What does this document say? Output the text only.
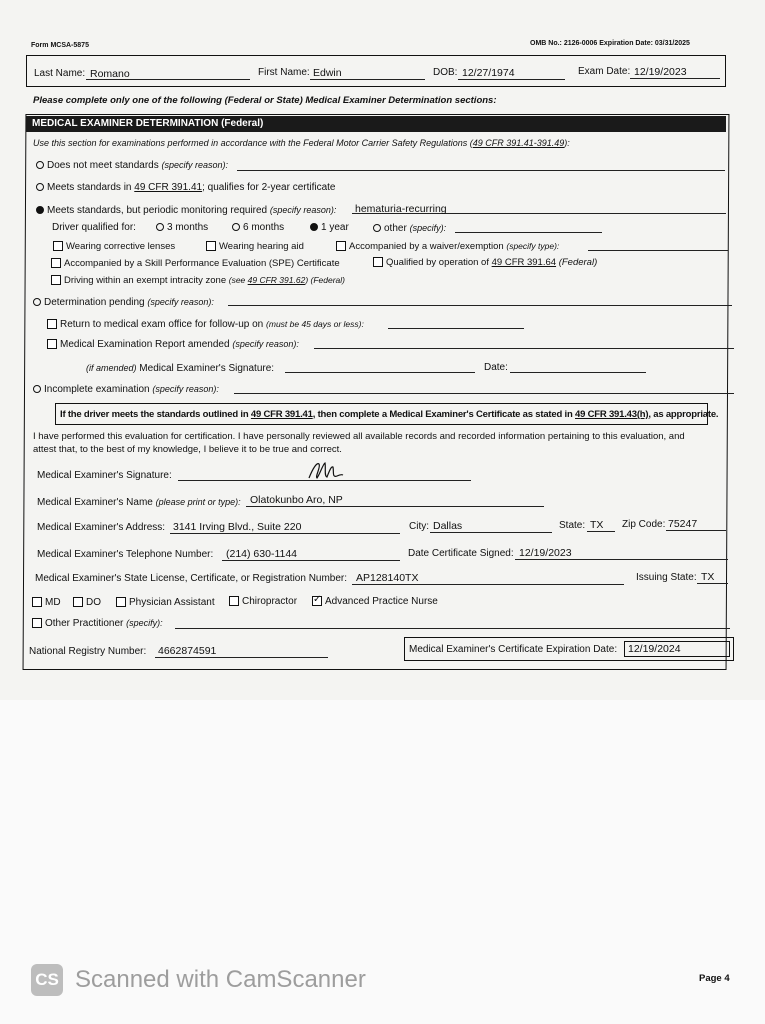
Form MCSA-5875	OMB No.: 2126-0006 Expiration Date: 03/31/2025
Last Name: Romano	First Name: Edwin	DOB: 12/27/1974	Exam Date: 12/19/2023
Please complete only one of the following (Federal or State) Medical Examiner Determination sections:
MEDICAL EXAMINER DETERMINATION (Federal)
Use this section for examinations performed in accordance with the Federal Motor Carrier Safety Regulations (49 CFR 391.41-391.49):
Does not meet standards (specify reason):
Meets standards in 49 CFR 391.41; qualifies for 2-year certificate
Meets standards, but periodic monitoring required (specify reason): hematuria-recurring
Driver qualified for:	3 months	6 months	1 year	other (specify):
Wearing corrective lenses	Wearing hearing aid	Accompanied by a waiver/exemption (specify type):
Accompanied by a Skill Performance Evaluation (SPE) Certificate	Qualified by operation of 49 CFR 391.64 (Federal)
Driving within an exempt intracity zone (see 49 CFR 391.62) (Federal)
Determination pending (specify reason):
Return to medical exam office for follow-up on (must be 45 days or less):
Medical Examination Report amended (specify reason):
(if amended) Medical Examiner's Signature:	Date:
Incomplete examination (specify reason):
If the driver meets the standards outlined in 49 CFR 391.41, then complete a Medical Examiner's Certificate as stated in 49 CFR 391.43(h), as appropriate.
I have performed this evaluation for certification. I have personally reviewed all available records and recorded information pertaining to this evaluation, and attest that, to the best of my knowledge, I believe it to be true and correct.
Medical Examiner's Signature:
Medical Examiner's Name (please print or type): Olatokunbo Aro, NP
Medical Examiner's Address: 3141 Irving Blvd., Suite 220	City: Dallas	State: TX Zip Code: 75247
Medical Examiner's Telephone Number: (214) 630-1144	Date Certificate Signed: 12/19/2023
Medical Examiner's State License, Certificate, or Registration Number: AP128140TX	Issuing State: TX
MD	DO	Physician Assistant	Chiropractor
✓	Advanced Practice Nurse
Other Practitioner (specify):
National Registry Number: 4662874591	Medical Examiner's Certificate Expiration Date: 12/19/2024
CS Scanned with CamScanner	Page 4
